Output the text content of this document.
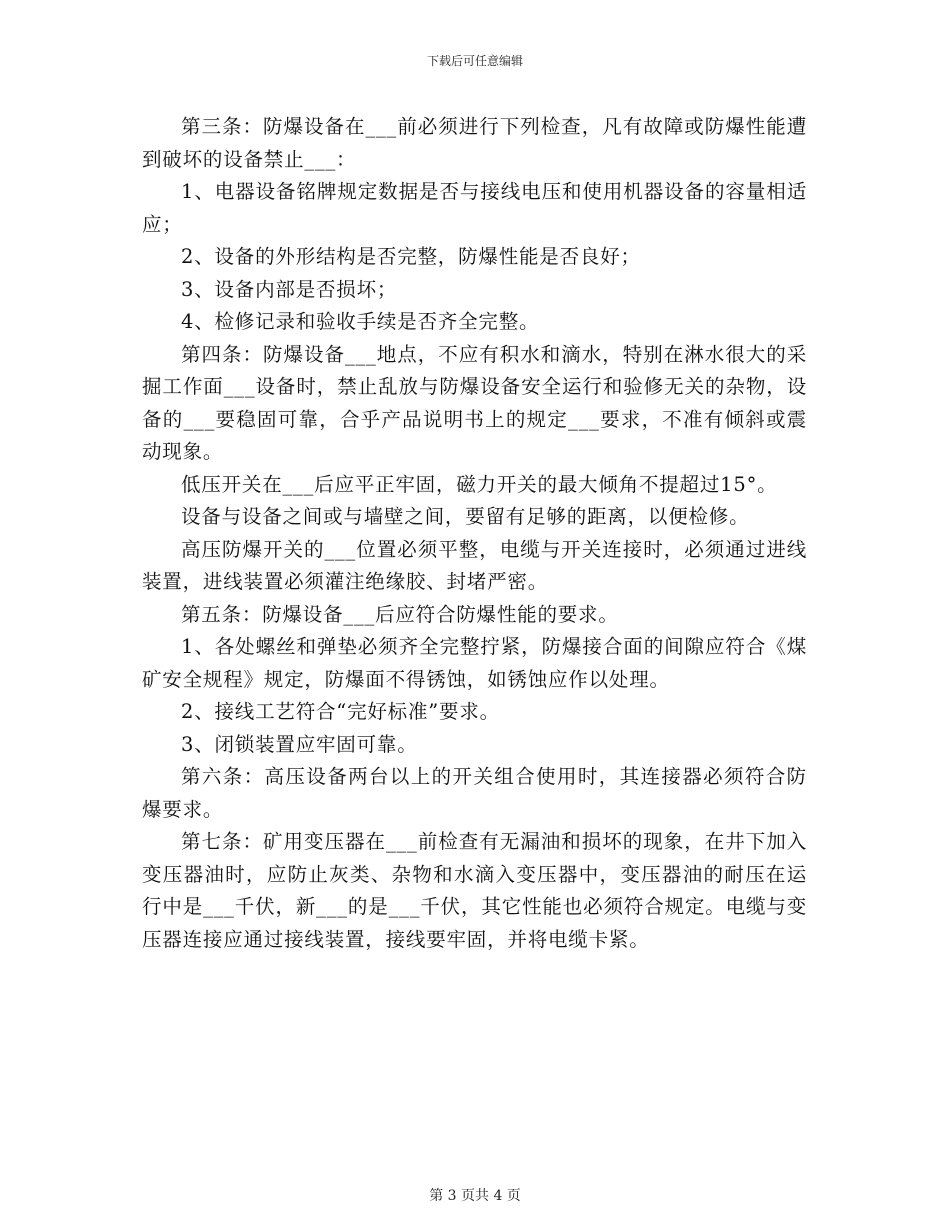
下载后可任意编辑

第三条：防爆设备在___前必须进行下列检查，凡有故障或防爆性能遭到破坏的设备禁止___：

1、电器设备铭牌规定数据是否与接线电压和使用机器设备的容量相适应；

2、设备的外形结构是否完整，防爆性能是否良好；

3、设备内部是否损坏；

4、检修记录和验收手续是否齐全完整。

第四条：防爆设备___地点，不应有积水和滴水，特别在淋水很大的采掘工作面___设备时，禁止乱放与防爆设备安全运行和验修无关的杂物，设备的___要稳固可靠，合乎产品说明书上的规定___要求，不准有倾斜或震动现象。

低压开关在___后应平正牢固，磁力开关的最大倾角不提超过15°。

设备与设备之间或与墙壁之间，要留有足够的距离，以便检修。

高压防爆开关的___位置必须平整，电缆与开关连接时，必须通过进线装置，进线装置必须灌注绝缘胶、封堵严密。

第五条：防爆设备___后应符合防爆性能的要求。

1、各处螺丝和弹垫必须齐全完整拧紧，防爆接合面的间隙应符合《煤矿安全规程》规定，防爆面不得锈蚀，如锈蚀应作以处理。

2、接线工艺符合“完好标准”要求。

3、闭锁装置应牢固可靠。

第六条：高压设备两台以上的开关组合使用时，其连接器必须符合防爆要求。

第七条：矿用变压器在___前检查有无漏油和损坏的现象，在井下加入变压器油时，应防止灰类、杂物和水滴入变压器中，变压器油的耐压在运行中是___千伏，新___的是___千伏，其它性能也必须符合规定。电缆与变压器连接应通过接线装置，接线要牢固，并将电缆卡紧。

第 3 页共 4 页
